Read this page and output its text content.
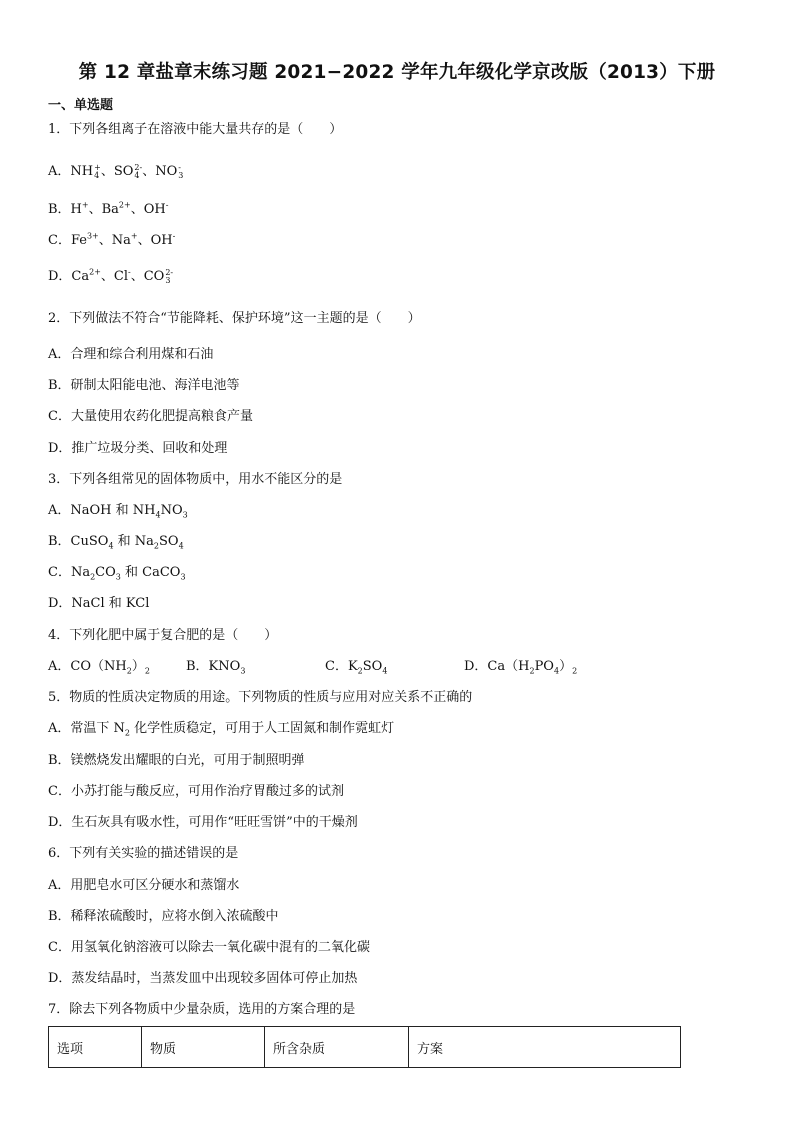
第 12 章盐章末练习题 2021−2022 学年九年级化学京改版（2013）下册
一、单选题
1．下列各组离子在溶液中能大量共存的是（　　）
A．NH +
4 、SO 2-
4 、NO -
3
B．H+、$Ba^{2+}$、OH-
C．$Fe^{3+}$、Na+、OH-
D．$Ca^{2+}$、Cl-、CO 2-
3
2．下列做法不符合“节能降耗、保护环境”这一主题的是（　　）
A．合理和综合利用煤和石油
B．研制太阳能电池、海洋电池等
C．大量使用农药化肥提高粮食产量
D．推广垃圾分类、回收和处理
3．下列各组常见的固体物质中，用水不能区分的是
A．NaOH 和 $NH_4NO_3$
B．CuSO$_4$ 和 $Na_2SO_4$
C．$Na_2CO_3$ 和 CaCO$_3$
D．NaCl 和 KCl
4．下列化肥中属于复合肥的是（　　）
A．$CO(NH_2)_2$	B．$KNO_3$	C．$K_2SO_4$	D．$Ca(H_2PO_4)_2$
5．物质的性质决定物质的用途。下列物质的性质与应用对应关系不正确的
A．常温下 $N_2$ 化学性质稳定，可用于人工固氮和制作霓虹灯
B．镁燃烧发出耀眼的白光，可用于制照明弹
C．小苏打能与酸反应，可用作治疗胃酸过多的试剂
D．生石灰具有吸水性，可用作“旺旺雪饼”中的干燥剂
6．下列有关实验的描述错误的是
A．用肥皂水可区分硬水和蒸馏水
B．稀释浓硫酸时，应将水倒入浓硫酸中
C．用氢氧化钠溶液可以除去一氧化碳中混有的二氧化碳
D．蒸发结晶时，当蒸发皿中出现较多固体可停止加热
7．除去下列各物质中少量杂质，选用的方案合理的是
选项	物质	所含杂质	方案
